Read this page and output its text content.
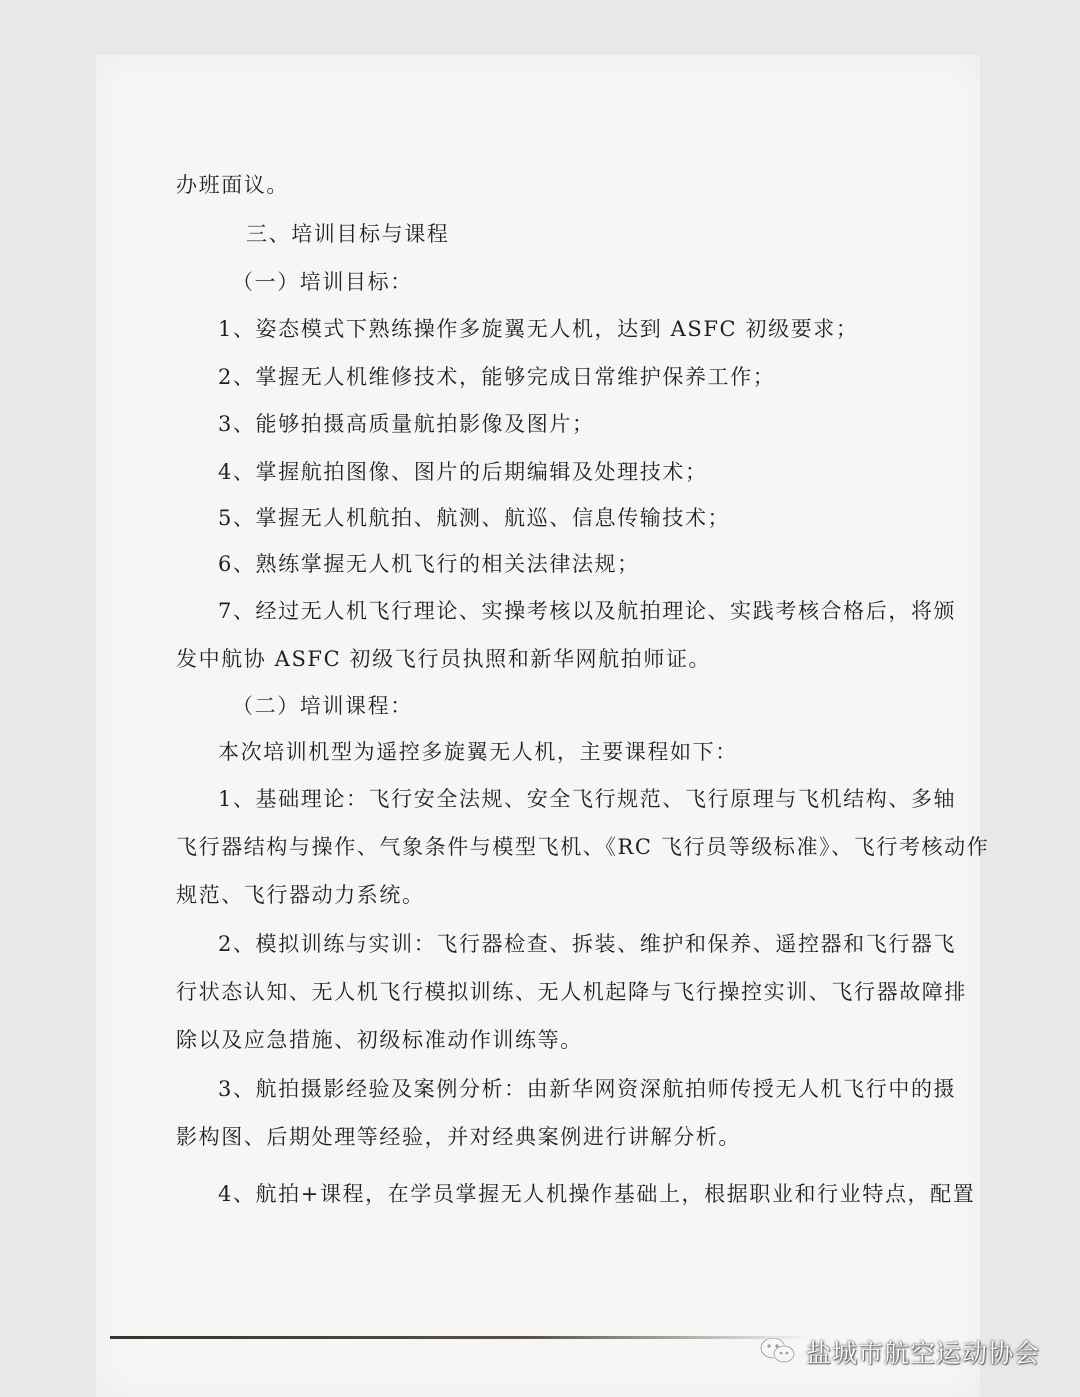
办班面议。
三、培训目标与课程
（一）培训目标：
1、姿态模式下熟练操作多旋翼无人机，达到 ASFC 初级要求；
2、掌握无人机维修技术，能够完成日常维护保养工作；
3、能够拍摄高质量航拍影像及图片；
4、掌握航拍图像、图片的后期编辑及处理技术；
5、掌握无人机航拍、航测、航巡、信息传输技术；
6、熟练掌握无人机飞行的相关法律法规；
7、经过无人机飞行理论、实操考核以及航拍理论、实践考核合格后，将颁
发中航协 ASFC 初级飞行员执照和新华网航拍师证。
（二）培训课程：
本次培训机型为遥控多旋翼无人机，主要课程如下：
1、基础理论：飞行安全法规、安全飞行规范、飞行原理与飞机结构、多轴
飞行器结构与操作、气象条件与模型飞机、《RC 飞行员等级标准》、飞行考核动作
规范、飞行器动力系统。
2、模拟训练与实训：飞行器检查、拆装、维护和保养、遥控器和飞行器飞
行状态认知、无人机飞行模拟训练、无人机起降与飞行操控实训、飞行器故障排
除以及应急措施、初级标准动作训练等。
3、航拍摄影经验及案例分析：由新华网资深航拍师传授无人机飞行中的摄
影构图、后期处理等经验，并对经典案例进行讲解分析。
4、航拍+课程，在学员掌握无人机操作基础上，根据职业和行业特点，配置
盐城市航空运动协会
